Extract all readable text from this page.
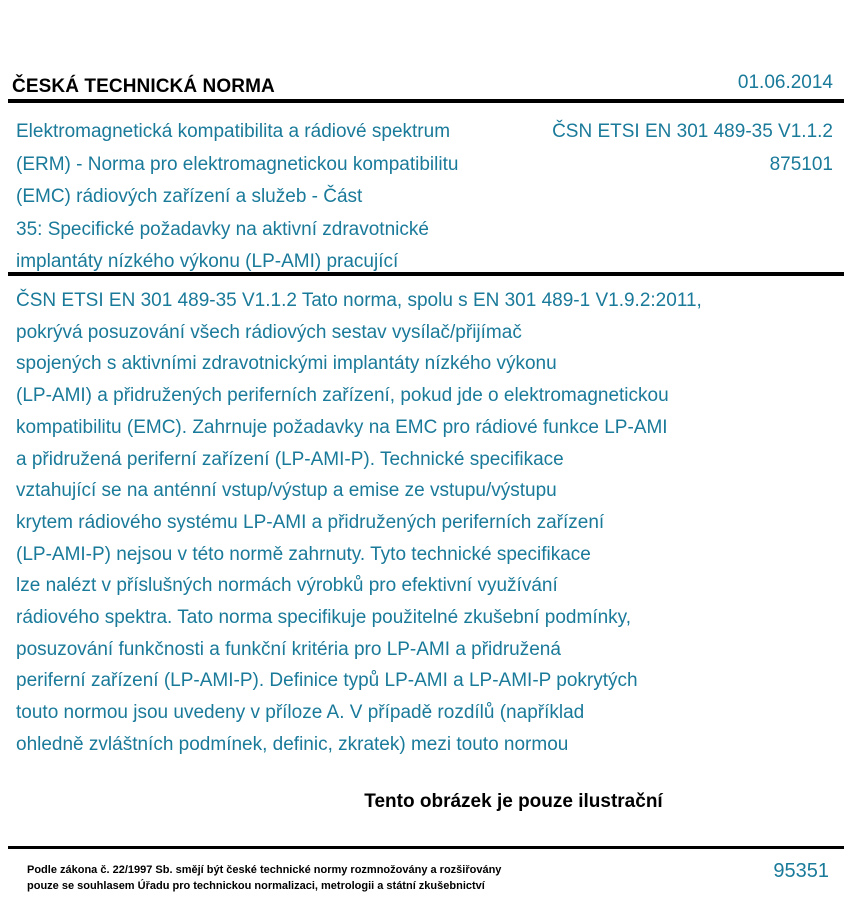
ČESKÁ TECHNICKÁ NORMA	01.06.2014
Elektromagnetická kompatibilita a rádiové spektrum
(ERM) - Norma pro elektromagnetickou kompatibilitu
(EMC) rádiových zařízení a služeb - Část
35: Specifické požadavky na aktivní zdravotnické
implantáty nízkého výkonu (LP-AMI) pracující
ČSN ETSI EN 301 489-35 V1.1.2
875101
ČSN ETSI EN 301 489-35 V1.1.2 Tato norma, spolu s EN 301 489-1 V1.9.2:2011,
pokrývá posuzování všech rádiových sestav vysílač/přijímač
spojených s aktivními zdravotnickými implantáty nízkého výkonu
(LP-AMI) a přidružených periferních zařízení, pokud jde o elektromagnetickou
kompatibilitu (EMC). Zahrnuje požadavky na EMC pro rádiové funkce LP-AMI
a přidružená periferní zařízení (LP-AMI-P). Technické specifikace
vztahující se na anténní vstup/výstup a emise ze vstupu/výstupu
krytem rádiového systému LP-AMI a přidružených periferních zařízení
(LP-AMI-P) nejsou v této normě zahrnuty. Tyto technické specifikace
lze nalézt v příslušných normách výrobků pro efektivní využívání
rádiového spektra. Tato norma specifikuje použitelné zkušební podmínky,
posuzování funkčnosti a funkční kritéria pro LP-AMI a přidružená
periferní zařízení (LP-AMI-P). Definice typů LP-AMI a LP-AMI-P pokrytých
touto normou jsou uvedeny v příloze A. V případě rozdílů (například
ohledně zvláštních podmínek, definic, zkratek) mezi touto normou
Tento obrázek je pouze ilustrační
Podle zákona č. 22/1997 Sb. smějí být české technické normy rozmnožovány a rozšiřovány
pouze se souhlasem Úřadu pro technickou normalizaci, metrologii a státní zkušebnictví
95351
